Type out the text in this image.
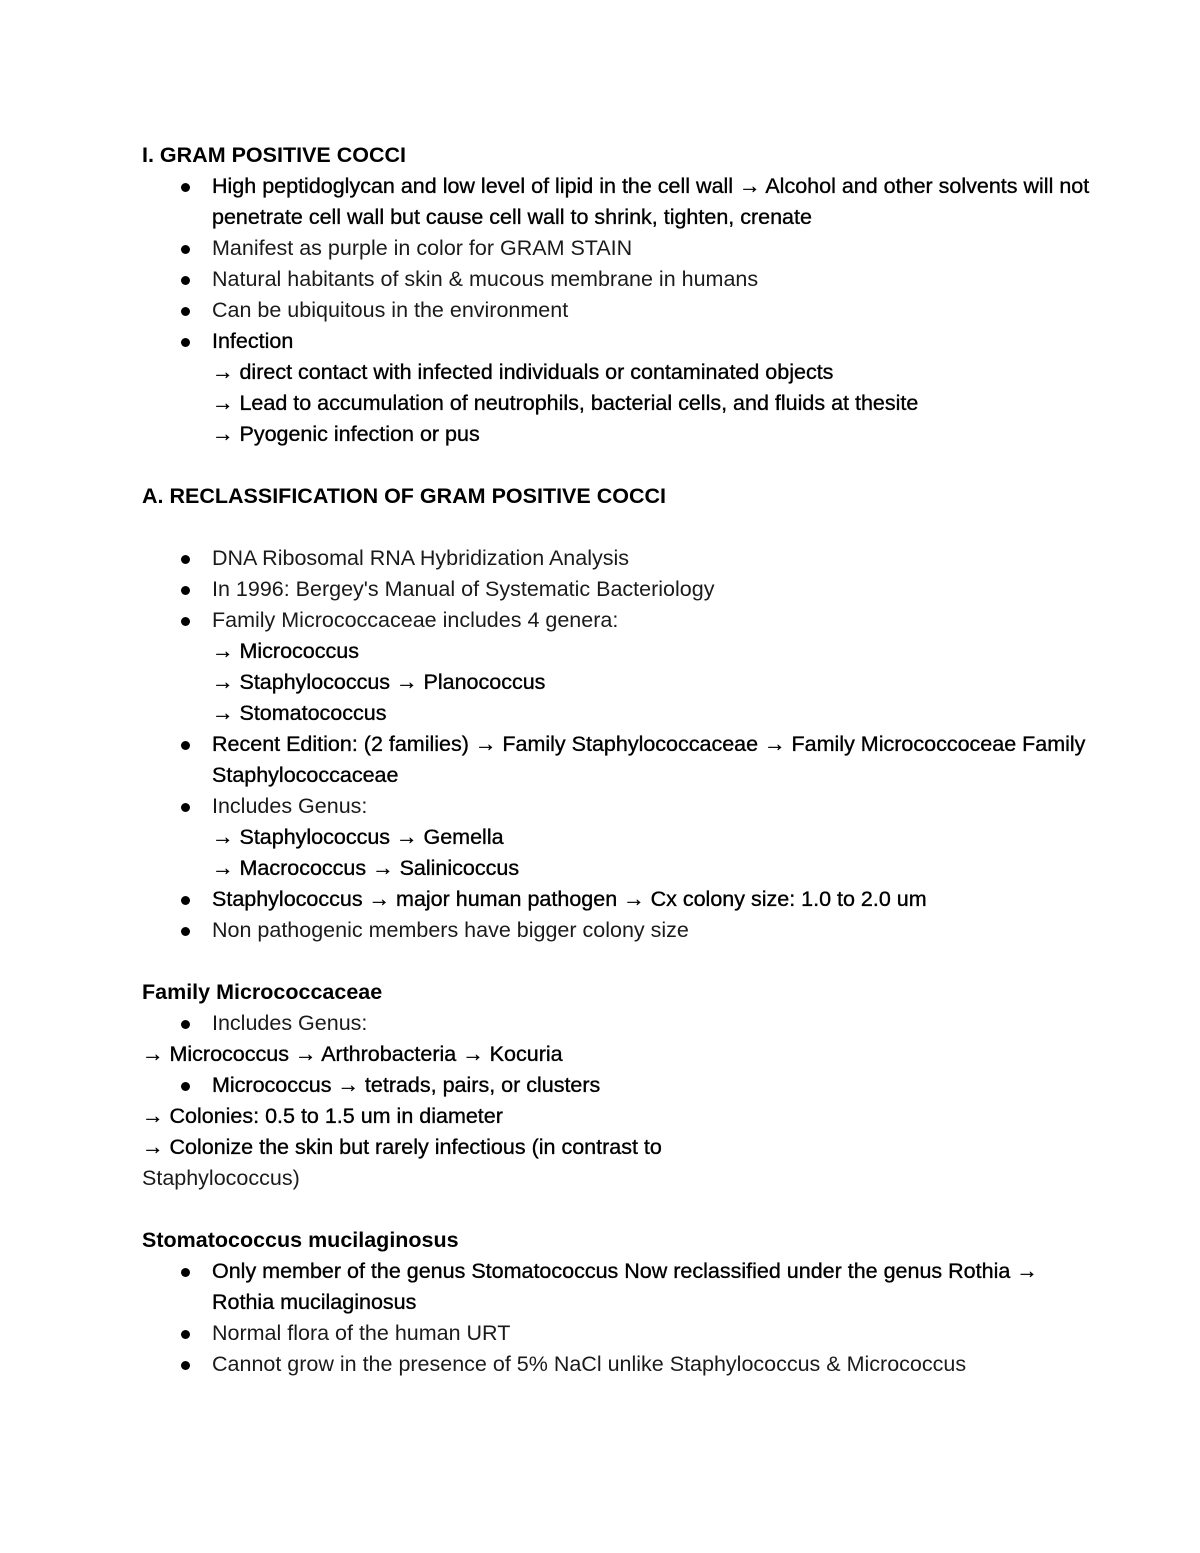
I. GRAM POSITIVE COCCI
High peptidoglycan and low level of lipid in the cell wall → Alcohol and other solvents will not penetrate cell wall but cause cell wall to shrink, tighten, crenate
Manifest as purple in color for GRAM STAIN
Natural habitants of skin & mucous membrane in humans
Can be ubiquitous in the environment
Infection
→ direct contact with infected individuals or contaminated objects
→ Lead to accumulation of neutrophils, bacterial cells, and fluids at thesite
→ Pyogenic infection or pus
A. RECLASSIFICATION OF GRAM POSITIVE COCCI
DNA Ribosomal RNA Hybridization Analysis
In 1996: Bergey's Manual of Systematic Bacteriology
Family Micrococcaceae includes 4 genera:
→ Micrococcus
→ Staphylococcus → Planococcus
→ Stomatococcus
Recent Edition: (2 families) → Family Staphylococcaceae → Family Micrococcoceae Family Staphylococcaceae
Includes Genus:
→ Staphylococcus → Gemella
→ Macrococcus → Salinicoccus
Staphylococcus → major human pathogen → Cx colony size: 1.0 to 2.0 um
Non pathogenic members have bigger colony size
Family Micrococcaceae
Includes Genus:
→ Micrococcus → Arthrobacteria → Kocuria
Micrococcus → tetrads, pairs, or clusters
→ Colonies: 0.5 to 1.5 um in diameter
→ Colonize the skin but rarely infectious (in contrast to
Staphylococcus)
Stomatococcus mucilaginosus
Only member of the genus Stomatococcus Now reclassified under the genus Rothia → Rothia mucilaginosus
Normal flora of the human URT
Cannot grow in the presence of 5% NaCl unlike Staphylococcus & Micrococcus
